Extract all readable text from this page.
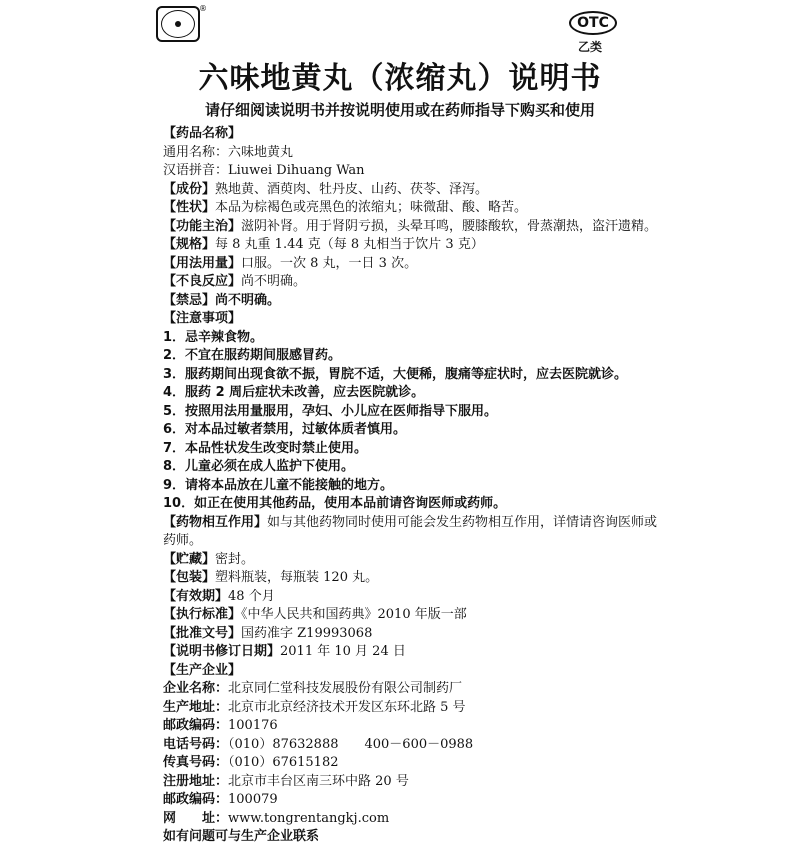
®
OTC
乙类
六味地黄丸（浓缩丸）说明书
请仔细阅读说明书并按说明使用或在药师指导下购买和使用
【药品名称】
通用名称：六味地黄丸
汉语拼音：Liuwei Dihuang Wan
【成份】熟地黄、酒萸肉、牡丹皮、山药、茯苓、泽泻。
【性状】本品为棕褐色或亮黑色的浓缩丸；味微甜、酸、略苦。
【功能主治】滋阴补肾。用于肾阴亏损，头晕耳鸣，腰膝酸软，骨蒸潮热，盗汗遗精。
【规格】每 8 丸重 1.44 克（每 8 丸相当于饮片 3 克）
【用法用量】口服。一次 8 丸，一日 3 次。
【不良反应】尚不明确。
【禁忌】尚不明确。
【注意事项】
1．忌辛辣食物。
2．不宜在服药期间服感冒药。
3．服药期间出现食欲不振，胃脘不适，大便稀，腹痛等症状时，应去医院就诊。
4．服药 2 周后症状未改善，应去医院就诊。
5．按照用法用量服用，孕妇、小儿应在医师指导下服用。
6．对本品过敏者禁用，过敏体质者慎用。
7．本品性状发生改变时禁止使用。
8．儿童必须在成人监护下使用。
9．请将本品放在儿童不能接触的地方。
10．如正在使用其他药品，使用本品前请咨询医师或药师。
【药物相互作用】如与其他药物同时使用可能会发生药物相互作用，详情请咨询医师或药师。
【贮藏】密封。
【包装】塑料瓶装，每瓶装 120 丸。
【有效期】48 个月
【执行标准】《中华人民共和国药典》2010 年版一部
【批准文号】国药准字 Z19993068
【说明书修订日期】2011 年 10 月 24 日
【生产企业】
企业名称：北京同仁堂科技发展股份有限公司制药厂
生产地址：北京市北京经济技术开发区东环北路 5 号
邮政编码：100176
电话号码：（010）87632888　　400－600－0988
传真号码：（010）67615182
注册地址：北京市丰台区南三环中路 20 号
邮政编码：100079
网　　址：www.tongrentangkj.com
如有问题可与生产企业联系
